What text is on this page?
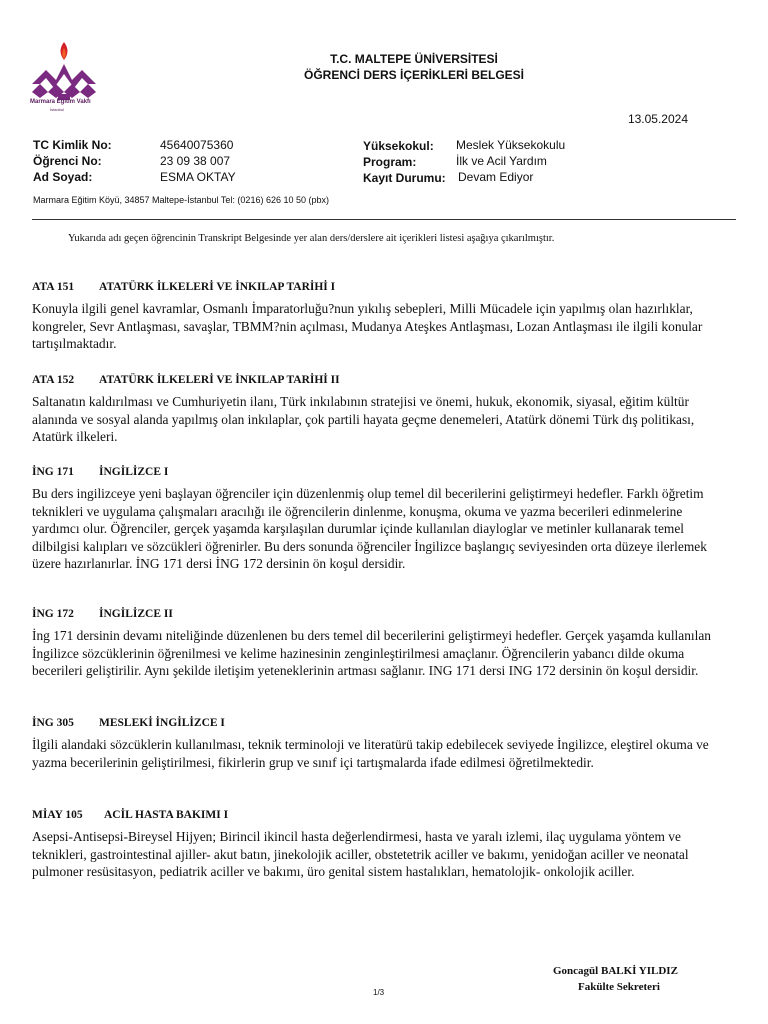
Marmara Eğitim Vakfı
İstanbul
T.C. MALTEPE ÜNİVERSİTESİ
ÖĞRENCİ DERS İÇERİKLERİ BELGESİ
13.05.2024
TC Kimlik No: Öğrenci No: Ad Soyad:
45640075360
23 09 38 007
ESMA OKTAY
Yüksekokul: Program: Kayıt Durumu:
Meslek Yüksekokulu
İlk ve Acil Yardım
Devam Ediyor
Marmara Eğitim Köyü, 34857 Maltepe-İstanbul Tel: (0216) 626 10 50 (pbx)
Yukarıda adı geçen öğrencinin Transkript Belgesinde yer alan ders/derslere ait içerikleri listesi aşağıya çıkarılmıştır.
ATA 151 ATATÜRK İLKELERİ VE İNKILAP TARİHİ I

Konuyla ilgili genel kavramlar, Osmanlı İmparatorluğu?nun yıkılış sebepleri, Milli Mücadele için yapılmış olan hazırlıklar, kongreler, Sevr Antlaşması, savaşlar, TBMM?nin açılması, Mudanya Ateşkes Antlaşması, Lozan Antlaşması ile ilgili konular tartışılmaktadır.

ATA 152 ATATÜRK İLKELERİ VE İNKILAP TARİHİ II

Saltanatın kaldırılması ve Cumhuriyetin ilanı, Türk inkılabının stratejisi ve önemi, hukuk, ekonomik, siyasal, eğitim kültür alanında ve sosyal alanda yapılmış olan inkılaplar, çok partili hayata geçme denemeleri, Atatürk dönemi Türk dış politikası, Atatürk ilkeleri.

İNG 171 İNGİLİZCE I

Bu ders ingilizceye yeni başlayan öğrenciler için düzenlenmiş olup temel dil becerilerini geliştirmeyi hedefler. Farklı öğretim teknikleri ve uygulama çalışmaları aracılığı ile öğrencilerin dinlenme, konuşma, okuma ve yazma becerileri edinmelerine yardımcı olur. Öğrenciler, gerçek yaşamda karşılaşılan durumlar içinde kullanılan diayloglar ve metinler kullanarak temel dilbilgisi kalıpları ve sözcükleri öğrenirler. Bu ders sonunda öğrenciler İngilizce başlangıç seviyesinden orta düzeye ilerlemek üzere hazırlanırlar. İNG 171 dersi İNG 172 dersinin ön koşul dersidir.

İNG 172 İNGİLİZCE II

İng 171 dersinin devamı niteliğinde düzenlenen bu ders temel dil becerilerini geliştirmeyi hedefler. Gerçek yaşamda kullanılan İngilizce sözcüklerinin öğrenilmesi ve kelime hazinesinin zenginleştirilmesi amaçlanır. Öğrencilerin yabancı dilde okuma becerileri geliştirilir. Aynı şekilde iletişim yeteneklerinin artması sağlanır. ING 171 dersi ING 172 dersinin ön koşul dersidir.

İNG 305 MESLEKİ İNGİLİZCE I

İlgili alandaki sözcüklerin kullanılması, teknik terminoloji ve literatürü takip edebilecek seviyede İngilizce, eleştirel okuma ve yazma becerilerinin geliştirilmesi, fikirlerin grup ve sınıf içi tartışmalarda ifade edilmesi öğretilmektedir.

MİAY 105 ACİL HASTA BAKIMI I

Asepsi-Antisepsi-Bireysel Hijyen; Birincil ikincil hasta değerlendirmesi, hasta ve yaralı izlemi, ilaç uygulama yöntem ve teknikleri, gastrointestinal ajiller- akut batın, jinekolojik aciller, obstetetrik aciller ve bakımı, yenidoğan aciller ve neonatal pulmoner resüsitasyon, pediatrik aciller ve bakımı, üro genital sistem hastalıkları, hematolojik- onkolojik aciller.

Goncagül BALKİ YILDIZ
Fakülte Sekreteri
1/3
